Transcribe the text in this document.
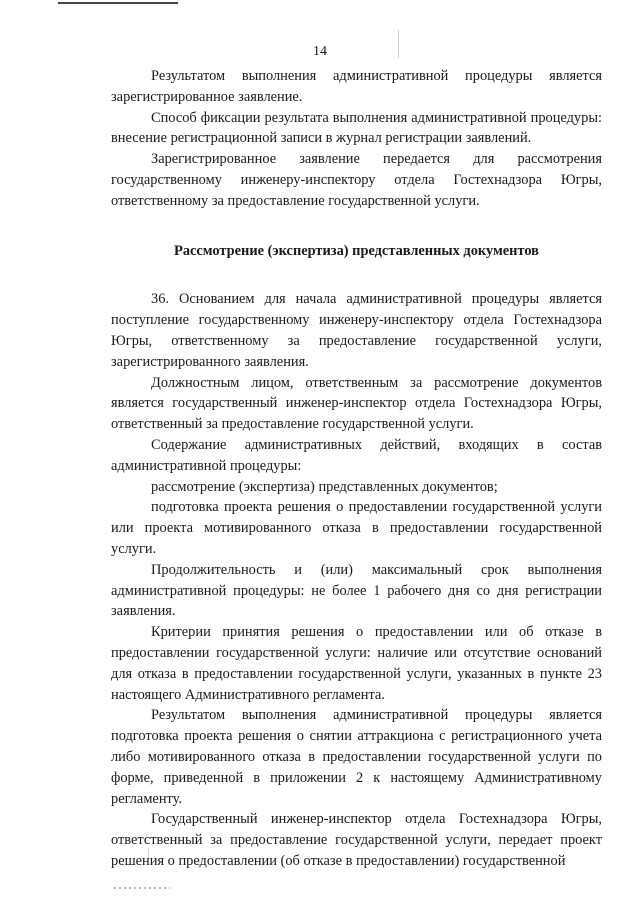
14

Результатом выполнения административной процедуры является зарегистрированное заявление.

Способ фиксации результата выполнения административной процедуры: внесение регистрационной записи в журнал регистрации заявлений.

Зарегистрированное заявление передается для рассмотрения государственному инженеру-инспектору отдела Гостехнадзора Югры, ответственному за предоставление государственной услуги.

Рассмотрение (экспертиза) представленных документов

36. Основанием для начала административной процедуры является поступление государственному инженеру-инспектору отдела Гостехнадзора Югры, ответственному за предоставление государственной услуги, зарегистрированного заявления.

Должностным лицом, ответственным за рассмотрение документов является государственный инженер-инспектор отдела Гостехнадзора Югры, ответственный за предоставление государственной услуги.

Содержание административных действий, входящих в состав административной процедуры:

рассмотрение (экспертиза) представленных документов;

подготовка проекта решения о предоставлении государственной услуги или проекта мотивированного отказа в предоставлении государственной услуги.

Продолжительность и (или) максимальный срок выполнения административной процедуры: не более 1 рабочего дня со дня регистрации заявления.

Критерии принятия решения о предоставлении или об отказе в предоставлении государственной услуги: наличие или отсутствие оснований для отказа в предоставлении государственной услуги, указанных в пункте 23 настоящего Административного регламента.

Результатом выполнения административной процедуры является подготовка проекта решения о снятии аттракциона с регистрационного учета либо мотивированного отказа в предоставлении государственной услуги по форме, приведенной в приложении 2 к настоящему Административному регламенту.

Государственный инженер-инспектор отдела Гостехнадзора Югры, ответственный за предоставление государственной услуги, передает проект решения о предоставлении (об отказе в предоставлении) государственной
